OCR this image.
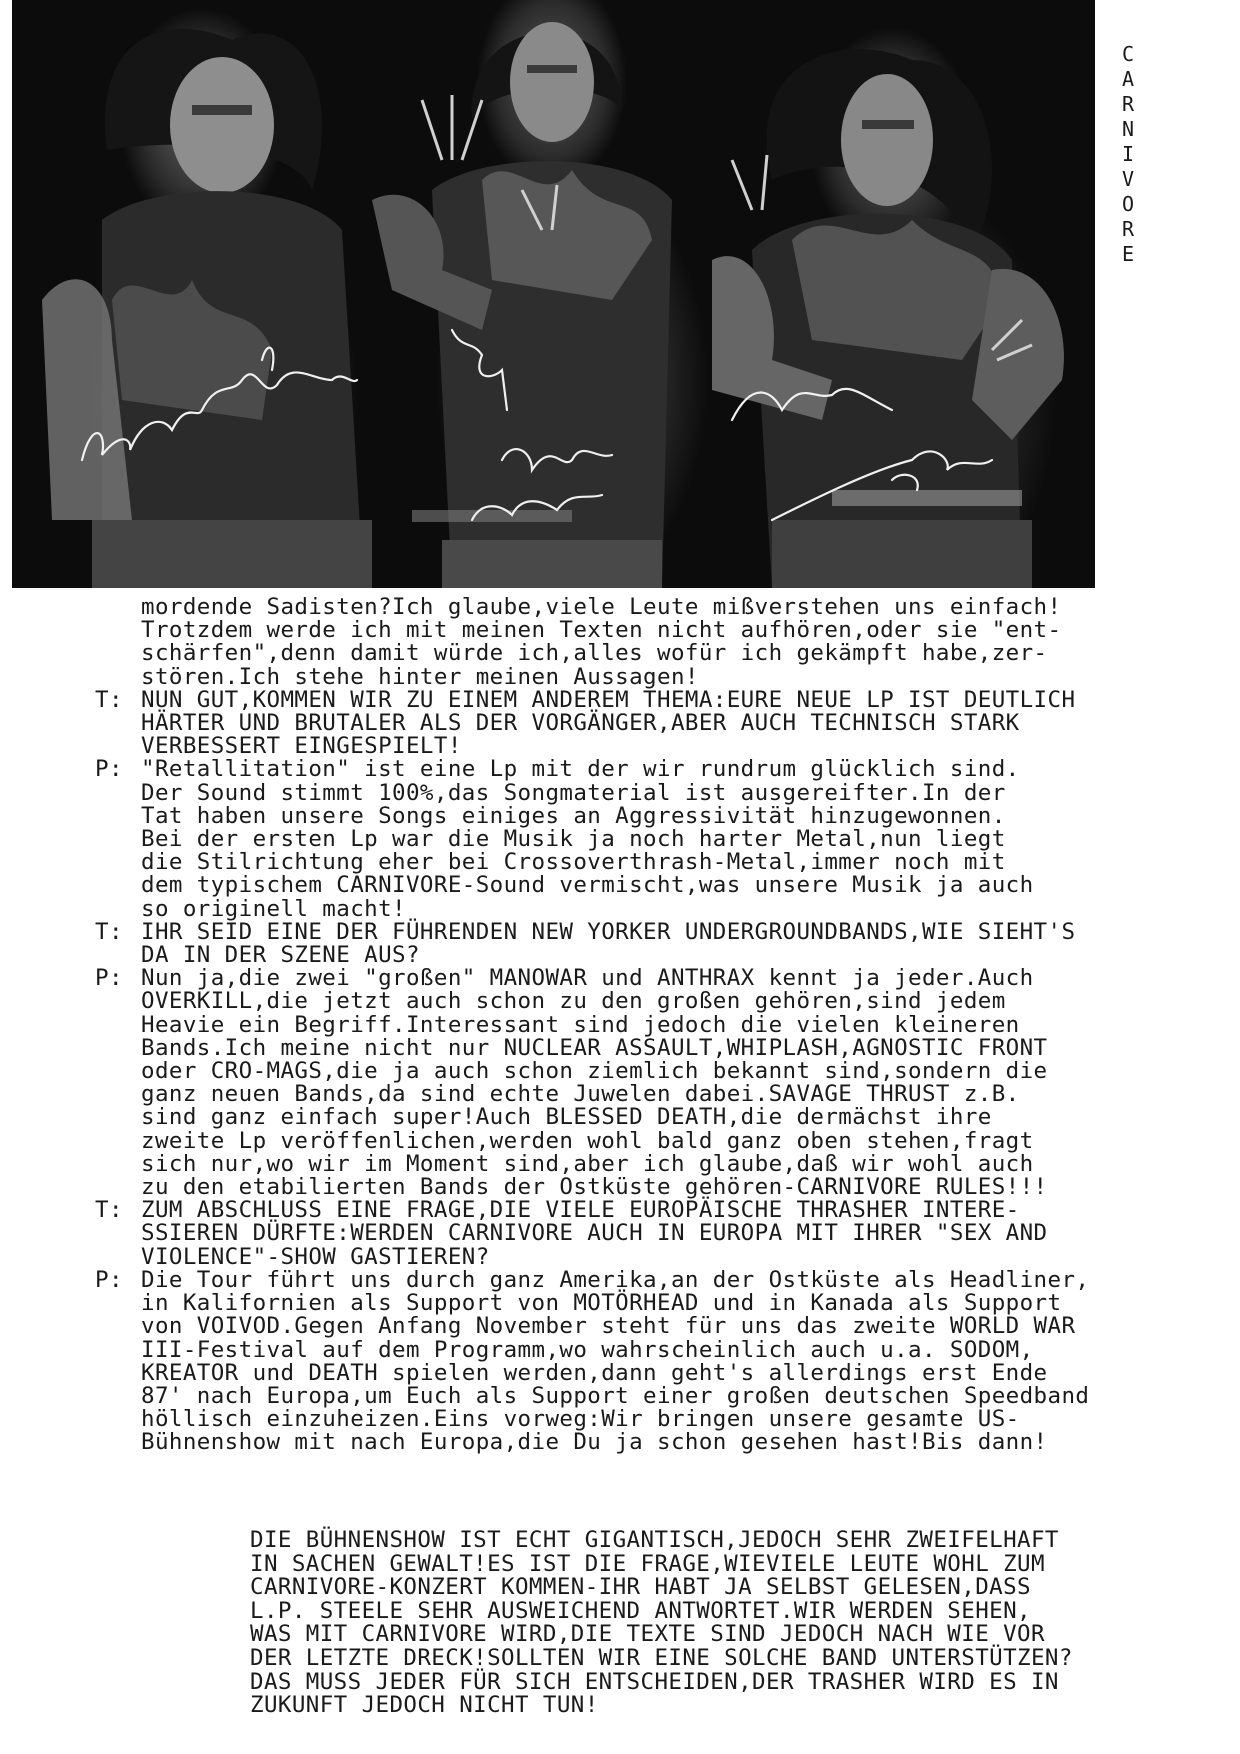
C
A
R
N
I
V
O
R
E
mordende Sadisten?Ich glaube,viele Leute mißverstehen uns einfach!
Trotzdem werde ich mit meinen Texten nicht aufhören,oder sie "ent-
schärfen",denn damit würde ich,alles wofür ich gekämpft habe,zer-
stören.Ich stehe hinter meinen Aussagen!
T: NUN GUT,KOMMEN WIR ZU EINEM ANDEREM THEMA:EURE NEUE LP IST DEUTLICH
HÄRTER UND BRUTALER ALS DER VORGÄNGER,ABER AUCH TECHNISCH STARK
VERBESSERT EINGESPIELT!
P: "Retallitation" ist eine Lp mit der wir rundrum glücklich sind.
Der Sound stimmt 100%,das Songmaterial ist ausgereifter.In der
Tat haben unsere Songs einiges an Aggressivität hinzugewonnen.
Bei der ersten Lp war die Musik ja noch harter Metal,nun liegt
die Stilrichtung eher bei Crossoverthrash-Metal,immer noch mit
dem typischem CARNIVORE-Sound vermischt,was unsere Musik ja auch
so originell macht!
T: IHR SEID EINE DER FÜHRENDEN NEW YORKER UNDERGROUNDBANDS,WIE SIEHT'S
DA IN DER SZENE AUS?
P: Nun ja,die zwei "großen" MANOWAR und ANTHRAX kennt ja jeder.Auch
OVERKILL,die jetzt auch schon zu den großen gehören,sind jedem
Heavie ein Begriff.Interessant sind jedoch die vielen kleineren
Bands.Ich meine nicht nur NUCLEAR ASSAULT,WHIPLASH,AGNOSTIC FRONT
oder CRO-MAGS,die ja auch schon ziemlich bekannt sind,sondern die
ganz neuen Bands,da sind echte Juwelen dabei.SAVAGE THRUST z.B.
sind ganz einfach super!Auch BLESSED DEATH,die dermächst ihre
zweite Lp veröffenlichen,werden wohl bald ganz oben stehen,fragt
sich nur,wo wir im Moment sind,aber ich glaube,daß wir wohl auch
zu den etabilierten Bands der Ostküste gehören-CARNIVORE RULES!!!
T: ZUM ABSCHLUSS EINE FRAGE,DIE VIELE EUROPÄISCHE THRASHER INTERE-
SSIEREN DÜRFTE:WERDEN CARNIVORE AUCH IN EUROPA MIT IHRER "SEX AND
VIOLENCE"-SHOW GASTIEREN?
P: Die Tour führt uns durch ganz Amerika,an der Ostküste als Headliner,
in Kalifornien als Support von MOTÖRHEAD und in Kanada als Support
von VOIVOD.Gegen Anfang November steht für uns das zweite WORLD WAR
III-Festival auf dem Programm,wo wahrscheinlich auch u.a. SODOM,
KREATOR und DEATH spielen werden,dann geht's allerdings erst Ende
87' nach Europa,um Euch als Support einer großen deutschen Speedband
höllisch einzuheizen.Eins vorweg:Wir bringen unsere gesamte US-
Bühnenshow mit nach Europa,die Du ja schon gesehen hast!Bis dann!
DIE BÜHNENSHOW IST ECHT GIGANTISCH,JEDOCH SEHR ZWEIFELHAFT
IN SACHEN GEWALT!ES IST DIE FRAGE,WIEVIELE LEUTE WOHL ZUM
CARNIVORE-KONZERT KOMMEN-IHR HABT JA SELBST GELESEN,DASS
L.P. STEELE SEHR AUSWEICHEND ANTWORTET.WIR WERDEN SEHEN,
WAS MIT CARNIVORE WIRD,DIE TEXTE SIND JEDOCH NACH WIE VOR
DER LETZTE DRECK!SOLLTEN WIR EINE SOLCHE BAND UNTERSTÜTZEN?
DAS MUSS JEDER FÜR SICH ENTSCHEIDEN,DER TRASHER WIRD ES IN
ZUKUNFT JEDOCH NICHT TUN!
